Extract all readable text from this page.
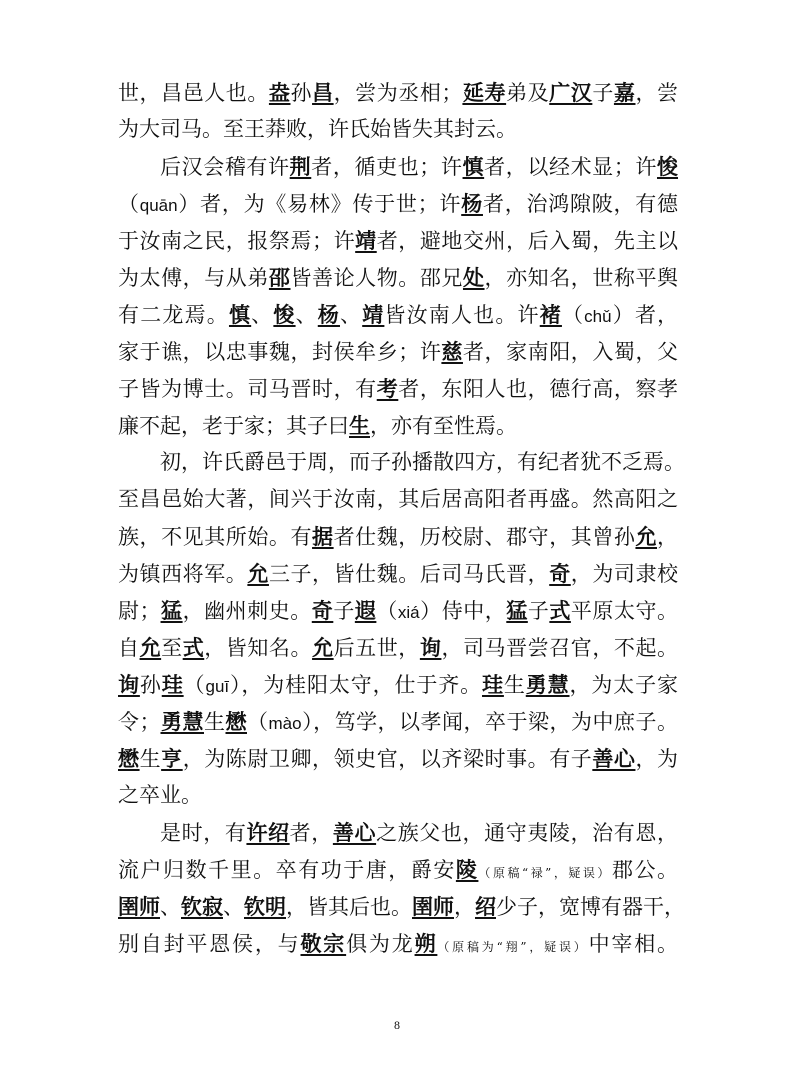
世，昌邑人也。盎孙昌，尝为丞相；延寿弟及广汉子嘉，尝
为大司马。至王莽败，许氏始皆失其封云。
后汉会稽有许荆者，循吏也；许慎者，以经术显；许悛
（quān）者，为《易林》传于世；许杨者，治鸿隙陂，有德
于汝南之民，报祭焉；许靖者，避地交州，后入蜀，先主以
为太傅，与从弟邵皆善论人物。邵兄处，亦知名，世称平舆
有二龙焉。慎、悛、杨、靖皆汝南人也。许褚（chǔ）者，
家于谯，以忠事魏，封侯牟乡；许慈者，家南阳，入蜀，父
子皆为博士。司马晋时，有考者，东阳人也，德行高，察孝
廉不起，老于家；其子曰生，亦有至性焉。
初，许氏爵邑于周，而子孙播散四方，有纪者犹不乏焉。
至昌邑始大著，间兴于汝南，其后居高阳者再盛。然高阳之
族，不见其所始。有据者仕魏，历校尉、郡守，其曾孙允，
为镇西将军。允三子，皆仕魏。后司马氏晋，奇，为司隶校
尉；猛，幽州刺史。奇子遐（xiá）侍中，猛子式平原太守。
自允至式，皆知名。允后五世，询，司马晋尝召官，不起。
询孙珪（guī），为桂阳太守，仕于齐。珪生勇慧，为太子家
令；勇慧生懋（mào），笃学，以孝闻，卒于梁，为中庶子。
懋生亨，为陈尉卫卿，领史官，以齐梁时事。有子善心，为
之卒业。
是时，有许绍者，善心之族父也，通守夷陵，治有恩，
流户归数千里。卒有功于唐，爵安陵（原稿“禄”，疑误）郡公。
圉师、钦寂、钦明，皆其后也。圉师，绍少子，宽博有器干，
别自封平恩侯，与敬宗俱为龙朔（原稿为“翔”，疑误）中宰相。
8
